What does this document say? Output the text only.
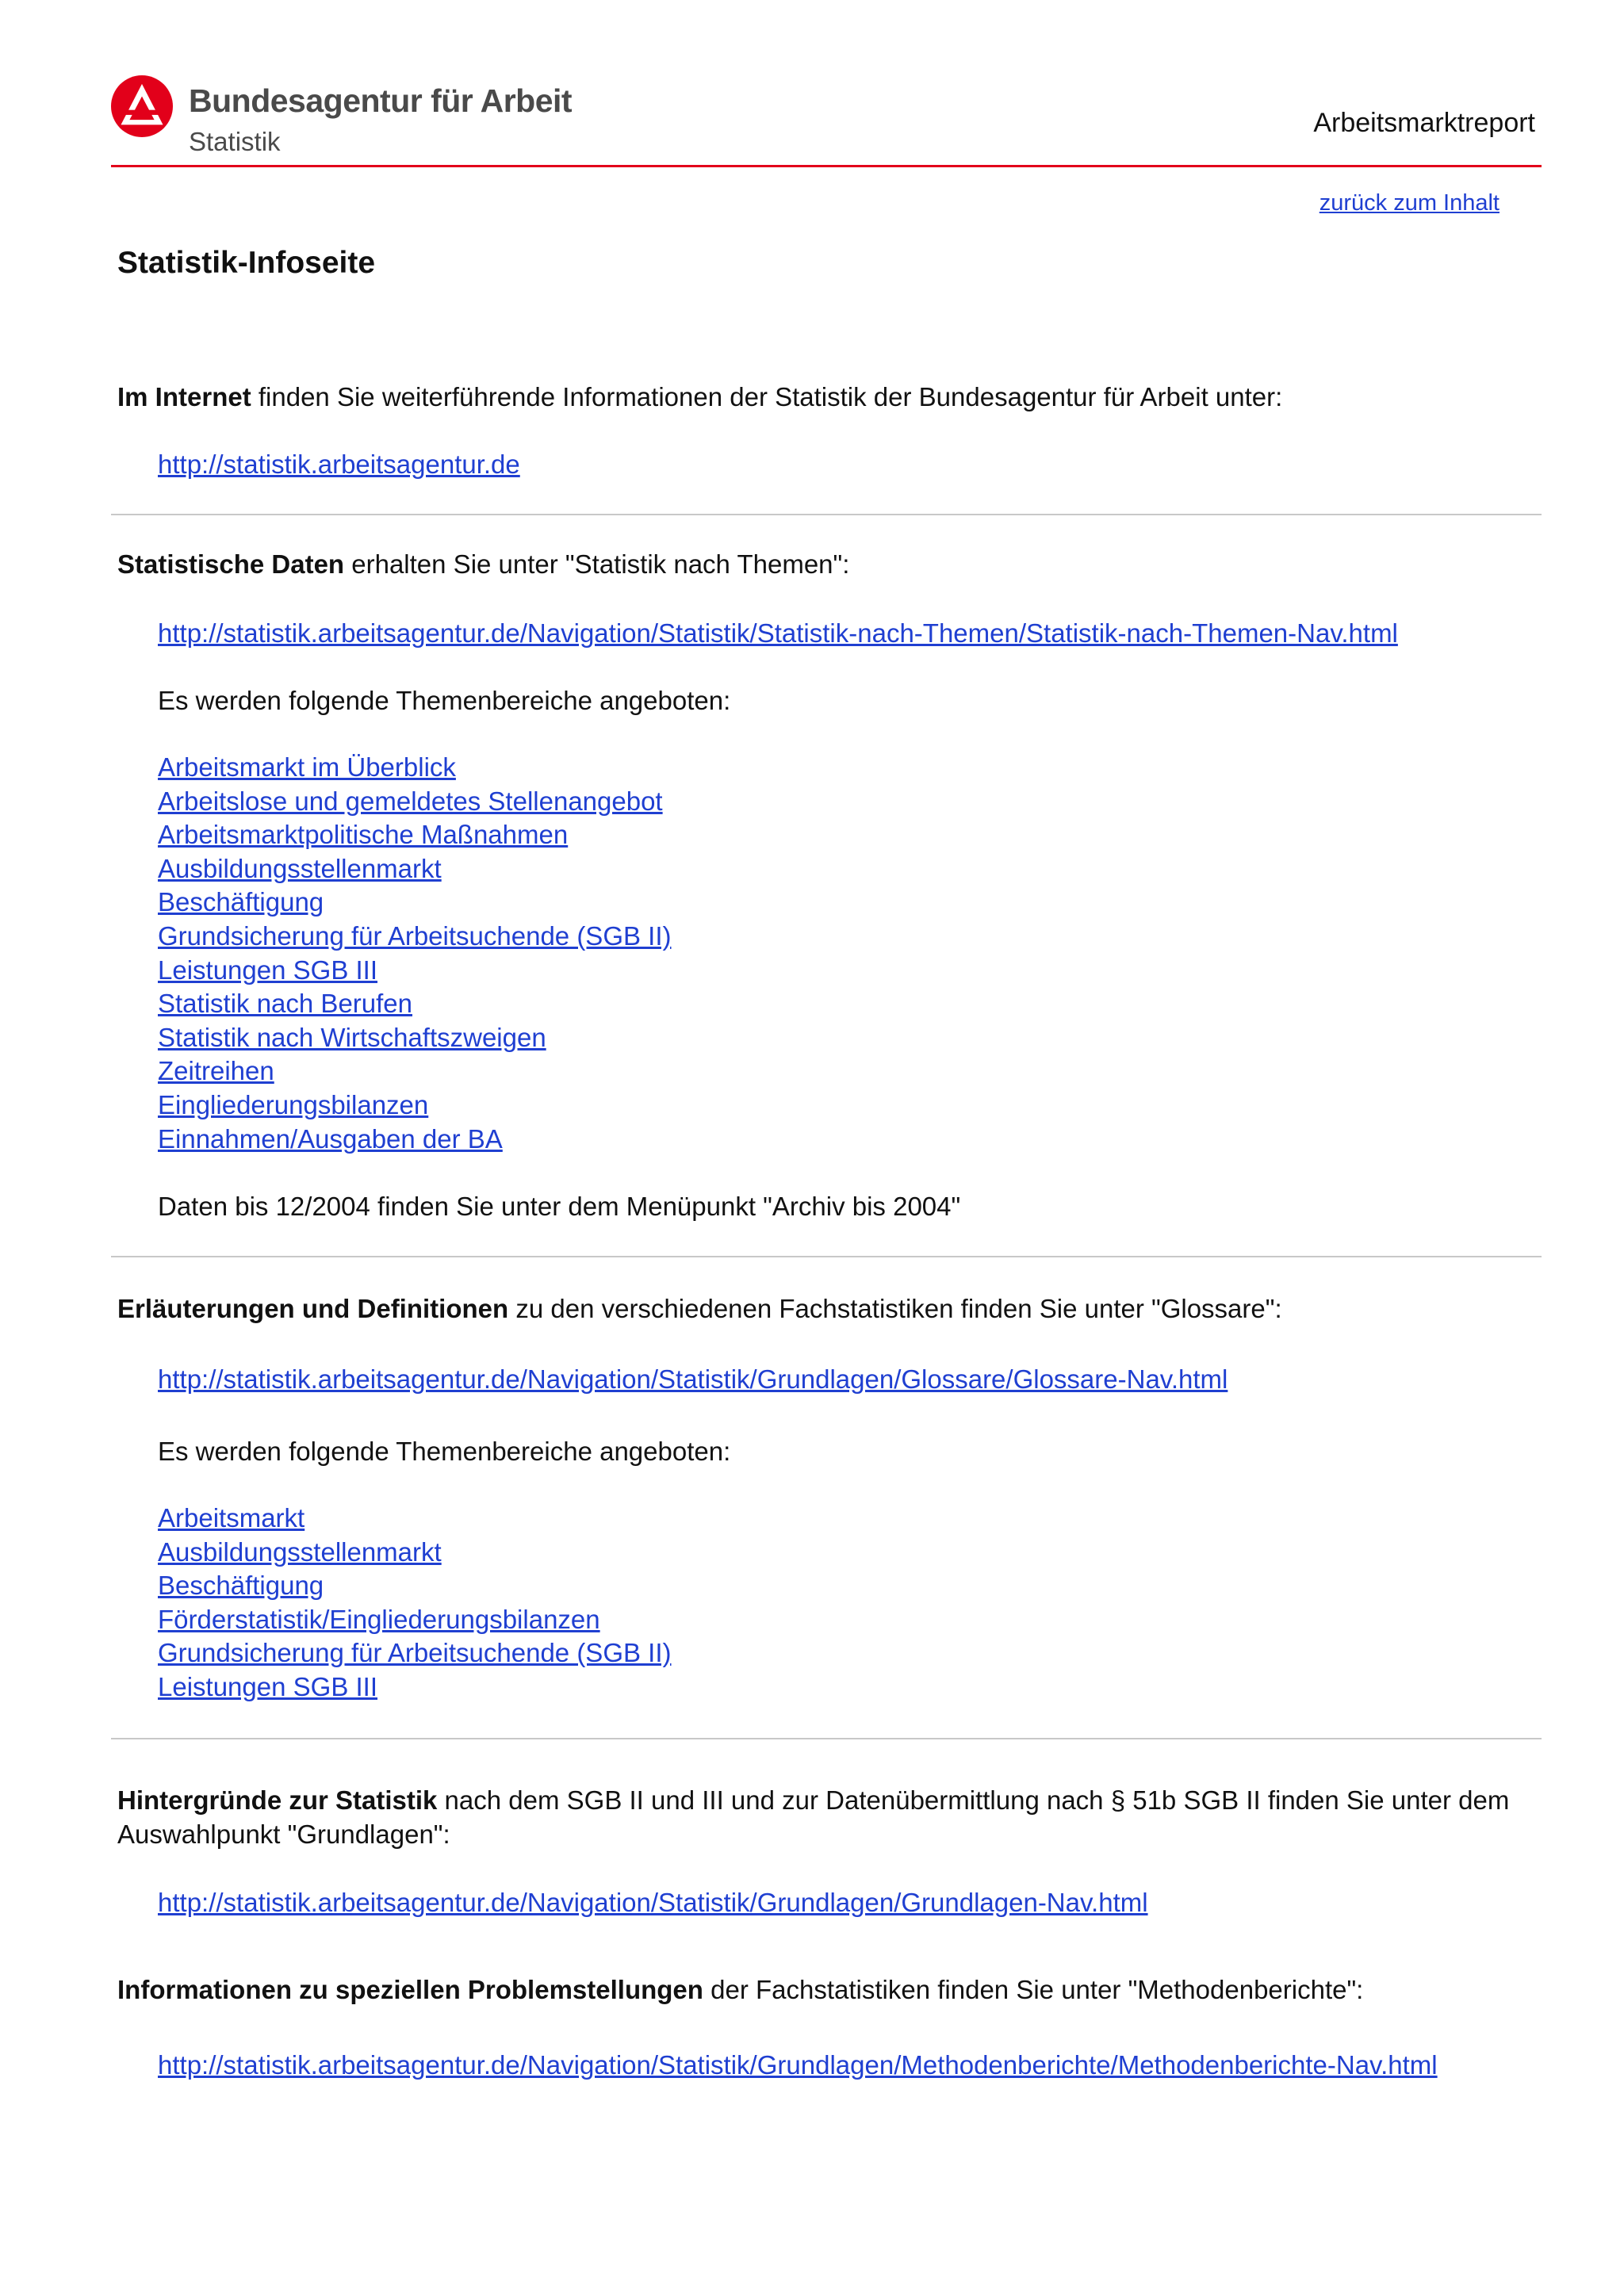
Bundesagentur für Arbeit
Statistik
Arbeitsmarktreport
zurück zum Inhalt
Statistik-Infoseite
Im Internet finden Sie weiterführende Informationen der Statistik der Bundesagentur für Arbeit unter:
http://statistik.arbeitsagentur.de
Statistische Daten erhalten Sie unter "Statistik nach Themen":
http://statistik.arbeitsagentur.de/Navigation/Statistik/Statistik-nach-Themen/Statistik-nach-Themen-Nav.html
Es werden folgende Themenbereiche angeboten:
Arbeitsmarkt im Überblick
Arbeitslose und gemeldetes Stellenangebot
Arbeitsmarktpolitische Maßnahmen
Ausbildungsstellenmarkt
Beschäftigung
Grundsicherung für Arbeitsuchende (SGB II)
Leistungen SGB III
Statistik nach Berufen
Statistik nach Wirtschaftszweigen
Zeitreihen
Eingliederungsbilanzen
Einnahmen/Ausgaben der BA
Daten bis 12/2004 finden Sie unter dem Menüpunkt "Archiv bis 2004"
Erläuterungen und Definitionen zu den verschiedenen Fachstatistiken finden Sie unter "Glossare":
http://statistik.arbeitsagentur.de/Navigation/Statistik/Grundlagen/Glossare/Glossare-Nav.html
Es werden folgende Themenbereiche angeboten:
Arbeitsmarkt
Ausbildungsstellenmarkt
Beschäftigung
Förderstatistik/Eingliederungsbilanzen
Grundsicherung für Arbeitsuchende (SGB II)
Leistungen SGB III
Hintergründe zur Statistik nach dem SGB II und III und zur Datenübermittlung nach § 51b SGB II finden Sie unter dem Auswahlpunkt "Grundlagen":
http://statistik.arbeitsagentur.de/Navigation/Statistik/Grundlagen/Grundlagen-Nav.html
Informationen zu speziellen Problemstellungen der Fachstatistiken finden Sie unter "Methodenberichte":
http://statistik.arbeitsagentur.de/Navigation/Statistik/Grundlagen/Methodenberichte/Methodenberichte-Nav.html
